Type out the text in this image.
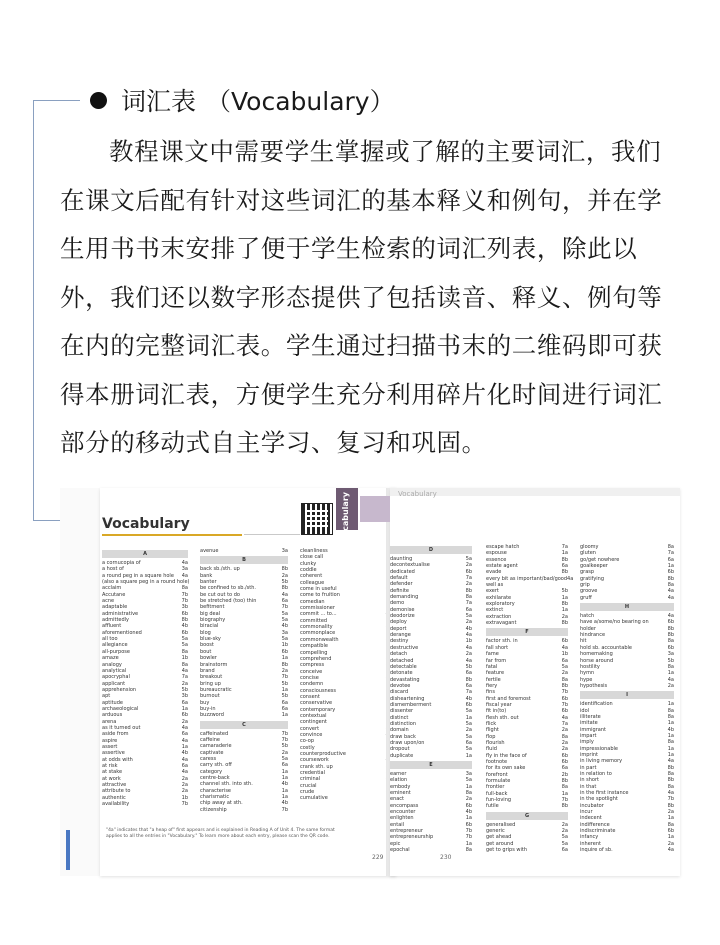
词汇表 （Vocabulary）

教程课文中需要学生掌握或了解的主要词汇，我们在课文后配有针对这些词汇的基本释义和例句，并在学生用书书末安排了便于学生检索的词汇列表，除此以外，我们还以数字形态提供了包括读音、释义、例句等在内的完整词汇表。学生通过扫描书末的二维码即可获得本册词汇表，方便学生充分利用碎片化时间进行词汇部分的移动式自主学习、复习和巩固。

Vocabulary
"4a" indicates that "a heap of" first appears and is explained in Reading A of Unit 4. The same format applies to all the entries in "Vocabulary." To learn more about each entry, please scan the QR code.
229
A
a cornucopia of	4a
a host of	3a
a round peg in a square hole 4a
(also a square peg in a round hole)
acclaim	8a
Accutane	7b
acne	7b
adaptable	3b
administrative	6b
admittedly	8b
affluent	4b
aforementioned	6b
all too	5a
allegiance	5a
all-purpose	8a
amaze	1b
analogy	8a
analytical	4a
apocryphal	7a
applicant	2a
apprehension	5b
apt	3b
aptitude	6a
archaeological	1a
arduous	6b
arena	2a
as it turned out	4a
aside from	6a
aspire	4a
assert	1a
assertive	4b
at odds with	4a
at risk	6a
at stake	4a
at work	2a
attractive	2a
attribute to	2a
authentic	1b
availability	7b
avenue	3a
B
back sb./sth. up	8b
bank	2a
banter	5b
be confined to sb./sth.	8b
be cut out to do	4a
be stretched (too) thin	6a
befitment	7b
big deal	5a
biography	5a
biracial	4b
blog	3a
blue-sky	5a
boost	1b
bout	6b
bowler	1a
brainstorm	8b
brand	2a
breakout	7b
bring up	5b
bureaucratic	1a
burnout	5b
buy	6a
buy-in	6a
buzzword	1a
C
caffeinated	7b
caffeine	7b
camaraderie	5b
captivate	2a
caress	5a
carry sth. off	6a
category	1a
centre-back	1a
channel sth. into sth.	4b
characterise	1a
charismatic	1a
chip away at sth.	4b
citizenship	7b
cleanliness
close call
clunky
coddle
coherent
colleague
come in useful
come to fruition
comedian
commissioner
commit ... to...
committed
commonality
commonplace
commonwealth
compatible
compelling
comprehend
compress
conceive
concise
condemn
consciousness
consent
conservative
contemporary
contextual
contingent
convert
convince
co-op
costly
counterproductive
coursework
crank sth. up
credential
criminal
crucial
crude
cumulative
Vocabulary
230
D
daunting	5a
decontextualise	2a
dedicated	6b
default	7a
defender	2a
definite	8b
demanding	8a
demo	7a
demonise	6a
deodorize	5a
deploy	2a
deport	4b
derange	4a
destiny	1b
destructive	4a
detach	2a
detached	4a
detectable	5b
detonate	6a
devastating	8b
devotee	6a
discard	7a
disheartening	4b
dismemberment	6b
dissenter	5a
distinct	1a
distinction	5a
domain	2a
draw back	5a
draw upon/on	6a
dropout	5a
duplicate	1a
E
earner	3a
elation	5a
embody	1a
eminent	8a
enact	2a
encompass	6b
encounter	4b
enlighten	1a
entail	6b
entrepreneur	7b
entrepreneurship	7b
epic	1a
epochal	8a
escape hatch	7a
espouse	1a
essence	8b
estate agent	6a
evade	8b
every bit as important/bad/good 4a
well as
exert	5b
exhilarate	1a
exploratory	8b
extinct	1a
extraction	2a
extravagant	8b
F
factor sth. in	6b
fall short	4a
fame	1b
far from	6a
fatal	5a
feature	2a
fertile	8a
fiery	8b
fins	7b
first and foremost	6b
fiscal year	7b
fit in(to)	6b
flesh sth. out	4a
flick	7a
flight	2a
flop	8a
flourish	2a
fluid	2a
fly in the face of	6b
footnote	6b
for its own sake	6a
forefront	2b
formulate	8b
frontier	8a
full-back	1a
fun-loving	7b
futile	8b
G
generalised	2a
generic	2a
get ahead	5a
get around	5a
get to grips with	6a
gloomy	8a
gluten	7a
go/get nowhere	6a
goalkeeper	1a
grasp	6b
gratifying	8b
grip	8a
groove	4a
gruff	4a
H
hatch	4a
have a/some/no bearing on	6b
holder	8b
hindrance	8b
hit	8a
hold sb. accountable	6b
homemaking	3a
horse around	5b
hostility	8a
hymn	1a
hype	4a
hypothesis	2a
I
identification	1a
idol	8a
illiterate	8a
imitate	1a
immigrant	4b
impart	1a
imply	8a
impressionable	1a
imprint	1a
in living memory	4a
in part	8b
in relation to	8a
in short	8b
in that	8a
in the first instance	4a
in the spotlight	7b
incubator	8b
incur	2a
indecent	1a
indifference	8a
indiscriminate	6b
infancy	1a
inherent	2a
inquire of sb.	4a
Vocabulary
